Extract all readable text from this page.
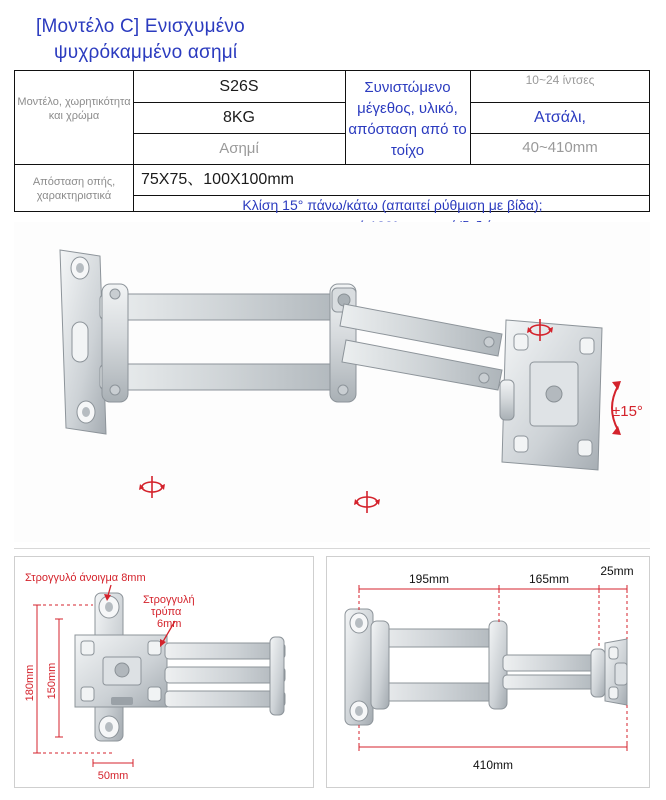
[Μοντέλο C] Ενισχυμένο
ψυχρόκαμμένο ασημί
Μοντέλο, χωρητικότητα και χρώμα
S26S
8KG
Ασημί
Συνιστώμενο μέγεθος, υλικό, απόσταση από το τοίχο
10~24 ίντσες
Ατσάλι,
40~410mm
Απόσταση οπής, χαρακτηριστικά
75X75、100X100mm
Κλίση 15° πάνω/κάτω (απαιτεί ρύθμιση με βίδα);
±15°
Στρογγυλό άνοιγμα 8mm
Στρογγυλή
τρύπα
6mm
180mm 150mm
50mm
195mm	165mm
25mm
410mm
